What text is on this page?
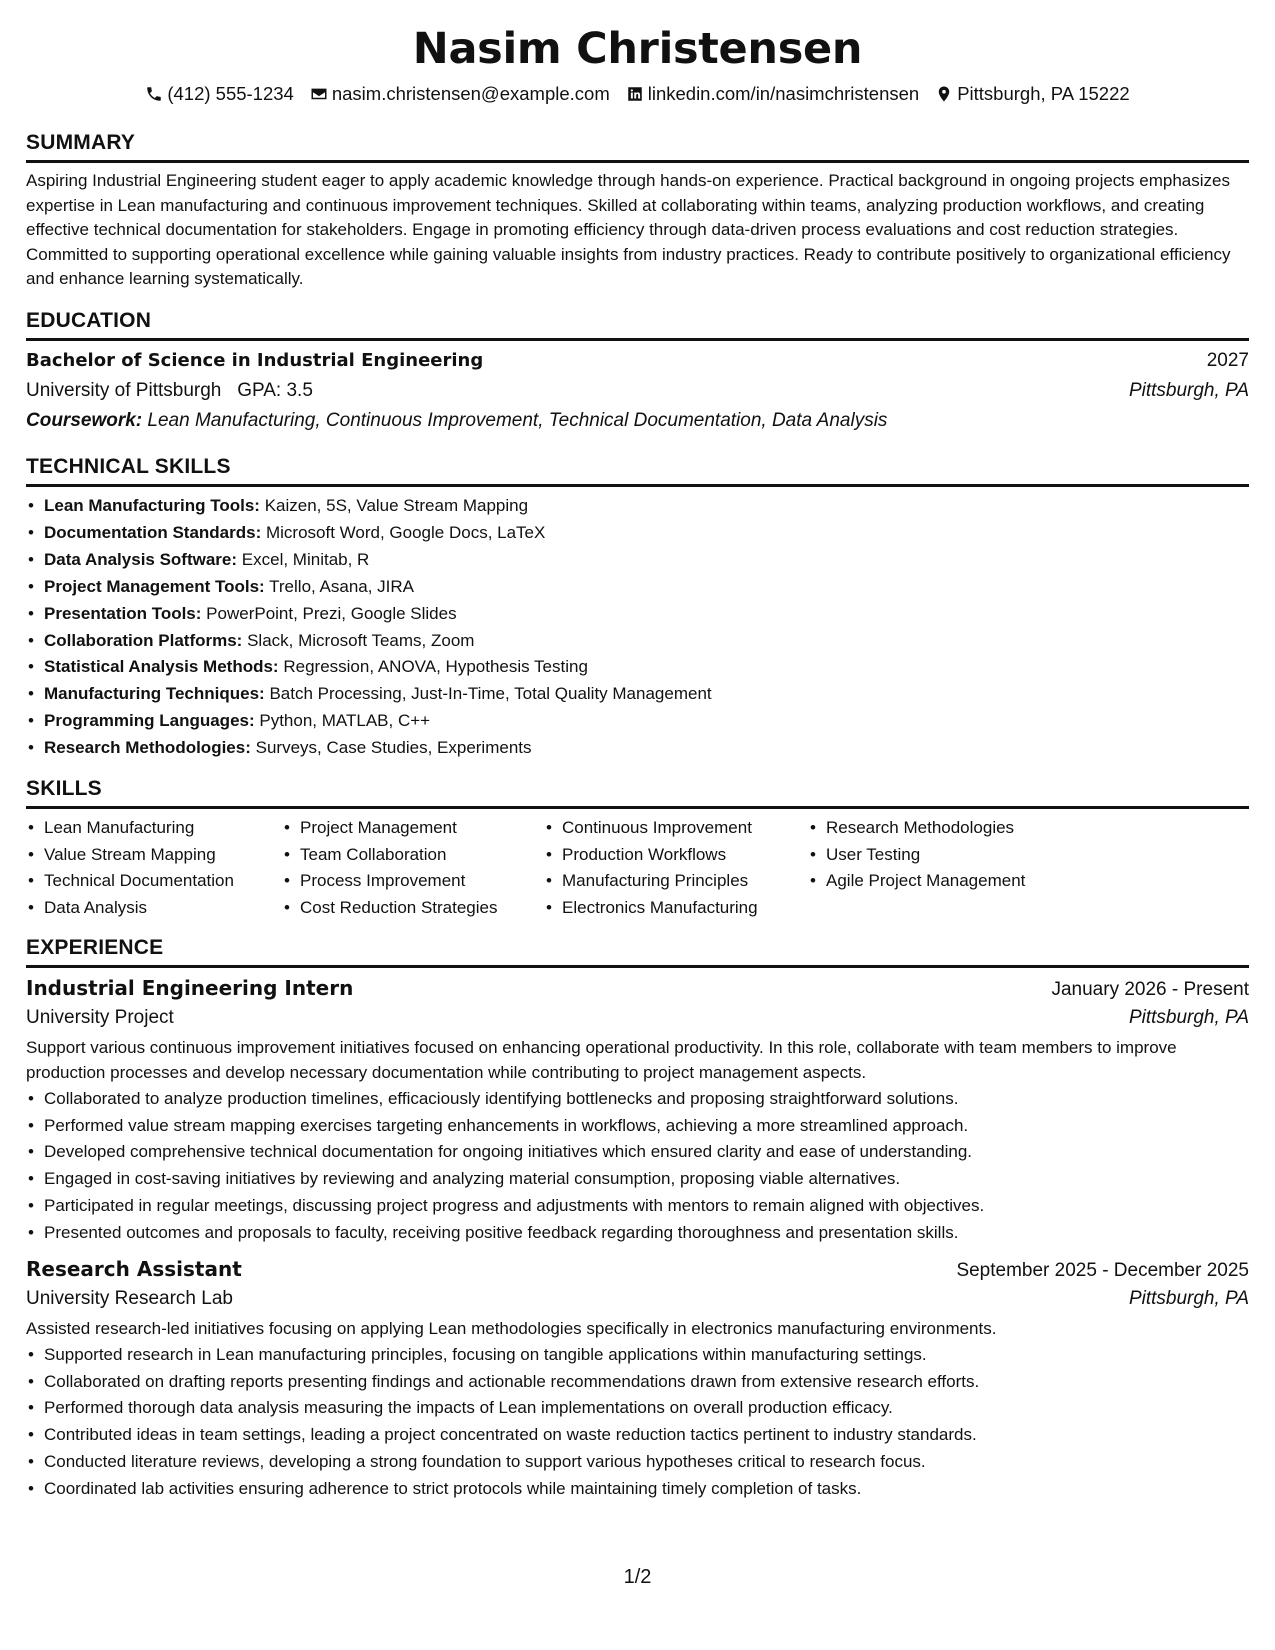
Nasim Christensen
(412) 555-1234 nasim.christensen@example.com linkedin.com/in/nasimchristensen Pittsburgh, PA 15222
SUMMARY
Aspiring Industrial Engineering student eager to apply academic knowledge through hands-on experience. Practical background in ongoing projects emphasizes expertise in Lean manufacturing and continuous improvement techniques. Skilled at collaborating within teams, analyzing production workflows, and creating effective technical documentation for stakeholders. Engage in promoting efficiency through data-driven process evaluations and cost reduction strategies. Committed to supporting operational excellence while gaining valuable insights from industry practices. Ready to contribute positively to organizational efficiency and enhance learning systematically.
EDUCATION
Bachelor of Science in Industrial Engineering	2027
University of Pittsburgh GPA: 3.5	Pittsburgh, PA
Coursework: Lean Manufacturing, Continuous Improvement, Technical Documentation, Data Analysis
TECHNICAL SKILLS
• Lean Manufacturing Tools: Kaizen, 5S, Value Stream Mapping
• Documentation Standards: Microsoft Word, Google Docs, LaTeX
• Data Analysis Software: Excel, Minitab, R
• Project Management Tools: Trello, Asana, JIRA
• Presentation Tools: PowerPoint, Prezi, Google Slides
• Collaboration Platforms: Slack, Microsoft Teams, Zoom
• Statistical Analysis Methods: Regression, ANOVA, Hypothesis Testing
• Manufacturing Techniques: Batch Processing, Just-In-Time, Total Quality Management
• Programming Languages: Python, MATLAB, C++
• Research Methodologies: Surveys, Case Studies, Experiments
SKILLS
• Lean Manufacturing
• Value Stream Mapping
• Technical Documentation
• Data Analysis
• Project Management
• Team Collaboration
• Process Improvement
• Cost Reduction Strategies
• Continuous Improvement
• Production Workflows
• Manufacturing Principles
• Electronics Manufacturing
• Research Methodologies
• User Testing
• Agile Project Management
EXPERIENCE
Industrial Engineering Intern	January 2026 - Present
University Project	Pittsburgh, PA
Support various continuous improvement initiatives focused on enhancing operational productivity. In this role, collaborate with team members to improve production processes and develop necessary documentation while contributing to project management aspects.
• Collaborated to analyze production timelines, efficaciously identifying bottlenecks and proposing straightforward solutions.
• Performed value stream mapping exercises targeting enhancements in workflows, achieving a more streamlined approach.
• Developed comprehensive technical documentation for ongoing initiatives which ensured clarity and ease of understanding.
• Engaged in cost-saving initiatives by reviewing and analyzing material consumption, proposing viable alternatives.
• Participated in regular meetings, discussing project progress and adjustments with mentors to remain aligned with objectives.
• Presented outcomes and proposals to faculty, receiving positive feedback regarding thoroughness and presentation skills.
Research Assistant	September 2025 - December 2025
University Research Lab	Pittsburgh, PA
Assisted research-led initiatives focusing on applying Lean methodologies specifically in electronics manufacturing environments.
• Supported research in Lean manufacturing principles, focusing on tangible applications within manufacturing settings.
• Collaborated on drafting reports presenting findings and actionable recommendations drawn from extensive research efforts.
• Performed thorough data analysis measuring the impacts of Lean implementations on overall production efficacy.
• Contributed ideas in team settings, leading a project concentrated on waste reduction tactics pertinent to industry standards.
• Conducted literature reviews, developing a strong foundation to support various hypotheses critical to research focus.
• Coordinated lab activities ensuring adherence to strict protocols while maintaining timely completion of tasks.
1/2
